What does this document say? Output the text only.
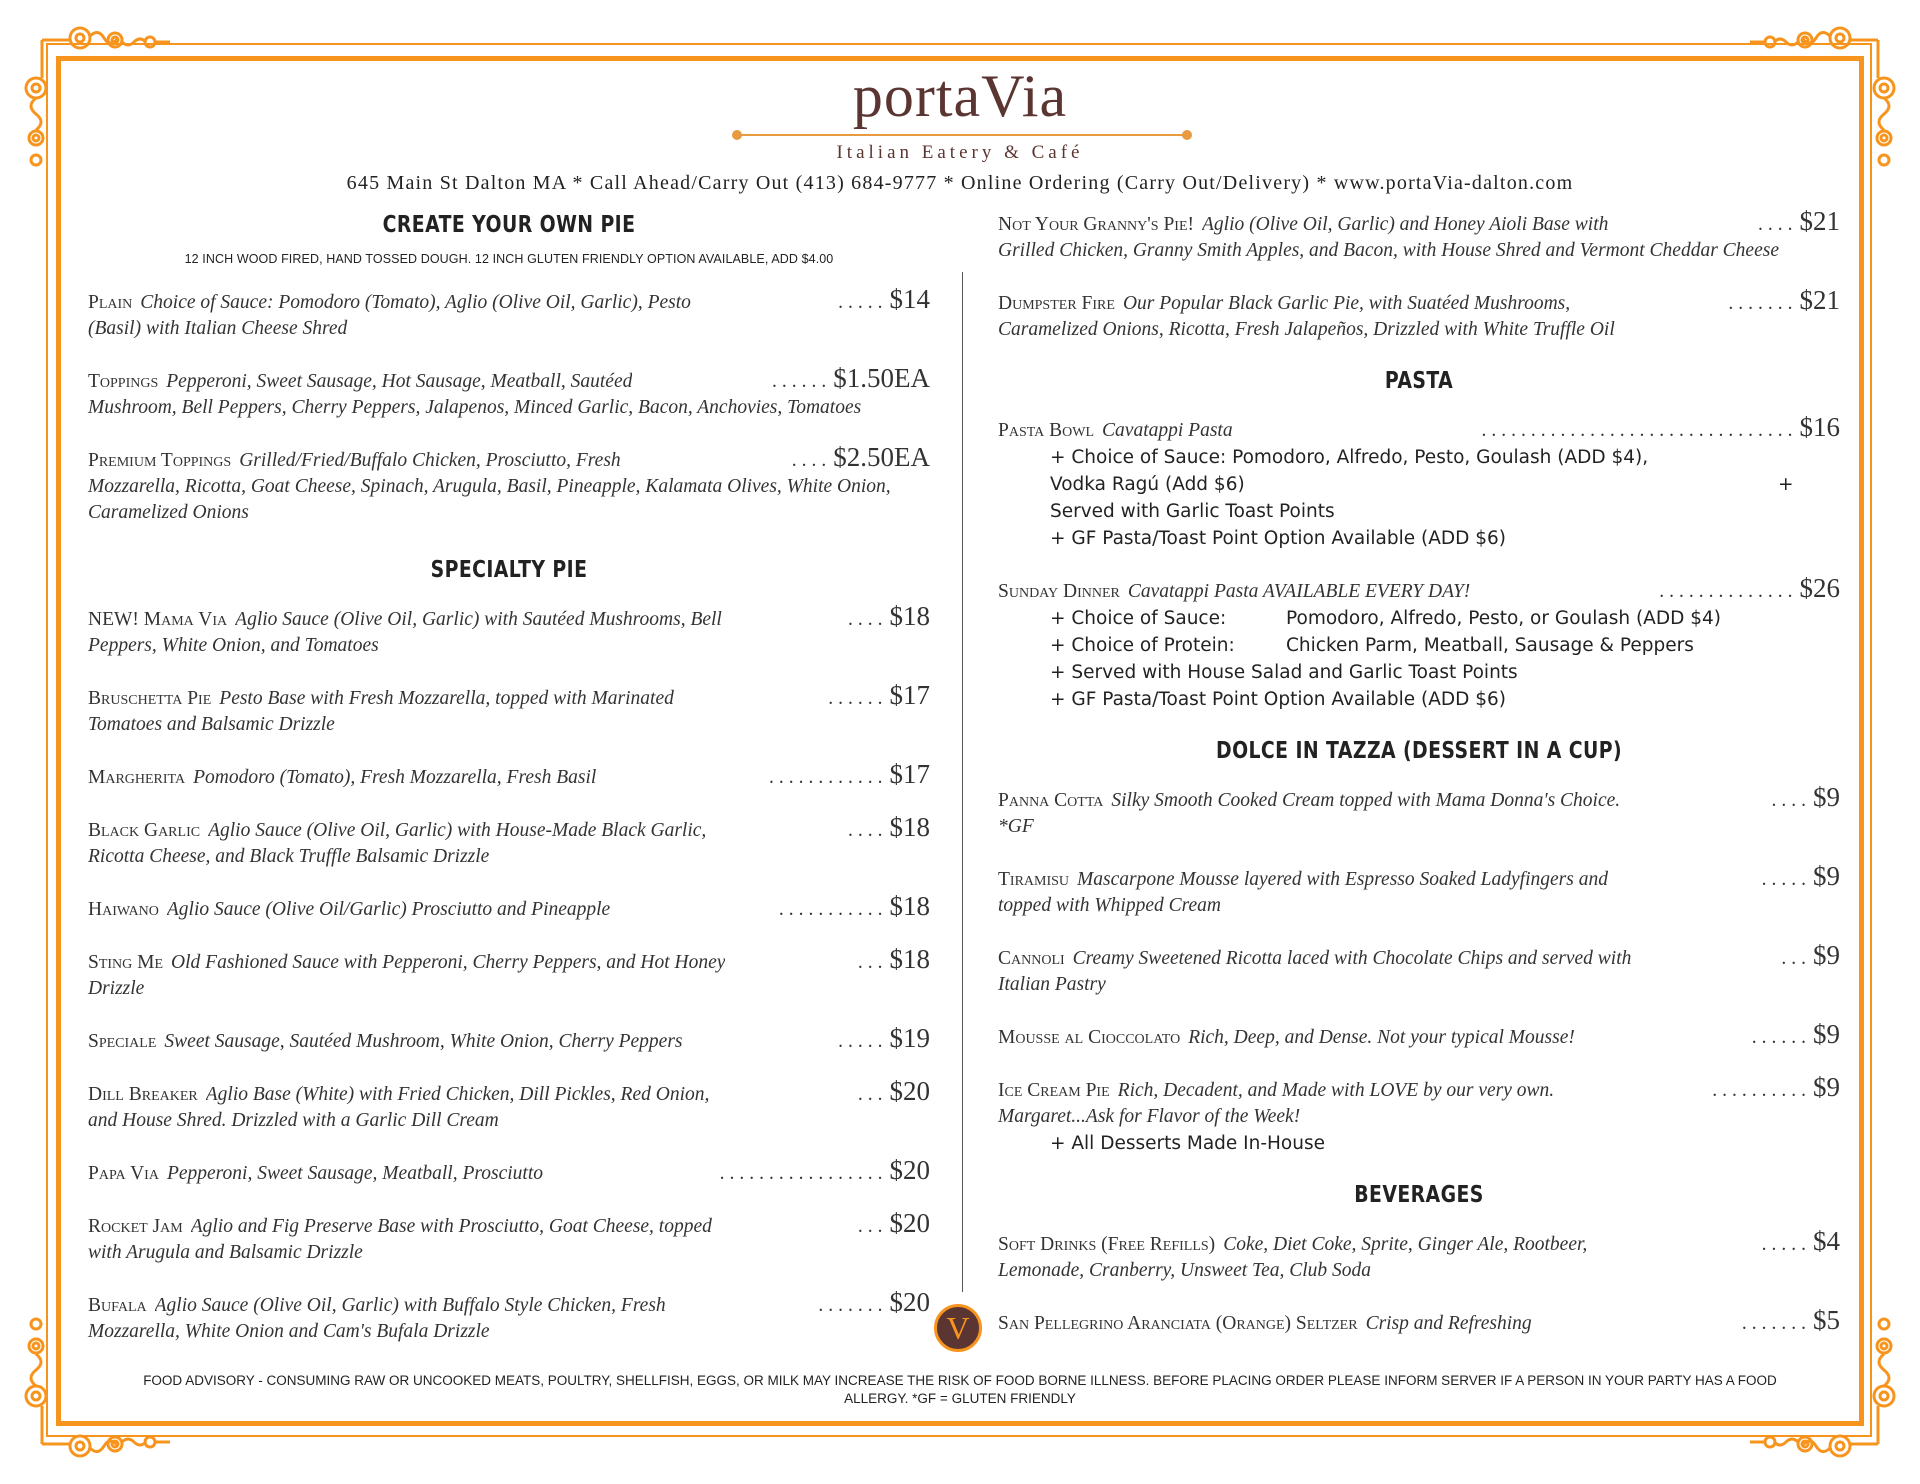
portaVia
Italian Eatery & Café
645 Main St Dalton MA * Call Ahead/Carry Out (413) 684-9777 * Online Ordering (Carry Out/Delivery) * www.portaVia-dalton.com
CREATE YOUR OWN PIE
12 INCH WOOD FIRED, HAND TOSSED DOUGH. 12 INCH GLUTEN FRIENDLY OPTION AVAILABLE, ADD $4.00
Plain Choice of Sauce: Pomodoro (Tomato), Aglio (Olive Oil, Garlic), Pesto	..... $14
(Basil) with Italian Cheese Shred
Toppings Pepperoni, Sweet Sausage, Hot Sausage, Meatball, Sautéed	...... $1.50EA
Mushroom, Bell Peppers, Cherry Peppers, Jalapenos, Minced Garlic, Bacon, Anchovies, Tomatoes
Premium Toppings Grilled/Fried/Buffalo Chicken, Prosciutto, Fresh	.... $2.50EA
Mozzarella, Ricotta, Goat Cheese, Spinach, Arugula, Basil, Pineapple, Kalamata Olives, White Onion, Caramelized Onions
SPECIALTY PIE
NEW! Mama Via Aglio Sauce (Olive Oil, Garlic) with Sautéed Mushrooms, Bell	.... $18
Peppers, White Onion, and Tomatoes
Bruschetta Pie Pesto Base with Fresh Mozzarella, topped with Marinated	...... $17
Tomatoes and Balsamic Drizzle
Margherita Pomodoro (Tomato), Fresh Mozzarella, Fresh Basil	............ $17
Black Garlic Aglio Sauce (Olive Oil, Garlic) with House-Made Black Garlic,	.... $18
Ricotta Cheese, and Black Truffle Balsamic Drizzle
Haiwano Aglio Sauce (Olive Oil/Garlic) Prosciutto and Pineapple	........... $18
Sting Me Old Fashioned Sauce with Pepperoni, Cherry Peppers, and Hot Honey	... $18
Drizzle
Speciale Sweet Sausage, Sautéed Mushroom, White Onion, Cherry Peppers	..... $19
Dill Breaker Aglio Base (White) with Fried Chicken, Dill Pickles, Red Onion,	... $20
and House Shred. Drizzled with a Garlic Dill Cream
Papa Via Pepperoni, Sweet Sausage, Meatball, Prosciutto	................. $20
Rocket Jam Aglio and Fig Preserve Base with Prosciutto, Goat Cheese, topped	... $20
with Arugula and Balsamic Drizzle
Bufala Aglio Sauce (Olive Oil, Garlic) with Buffalo Style Chicken, Fresh	....... $20
Mozzarella, White Onion and Cam's Bufala Drizzle
Not Your Granny's Pie! Aglio (Olive Oil, Garlic) and Honey Aioli Base with	.... $21
Grilled Chicken, Granny Smith Apples, and Bacon, with House Shred and Vermont Cheddar Cheese
Dumpster Fire Our Popular Black Garlic Pie, with Suatéed Mushrooms,	....... $21
Caramelized Onions, Ricotta, Fresh Jalapeños, Drizzled with White Truffle Oil
PASTA
Pasta Bowl Cavatappi Pasta	................................ $16
+ Choice of Sauce: Pomodoro, Alfredo, Pesto, Goulash (ADD $4),
Vodka Ragú (Add $6)	+
Served with Garlic Toast Points
+ GF Pasta/Toast Point Option Available (ADD $6)
Sunday Dinner Cavatappi Pasta AVAILABLE EVERY DAY!	.............. $26
+ Choice of Sauce:	Pomodoro, Alfredo, Pesto, or Goulash (ADD $4)
+ Choice of Protein:	Chicken Parm, Meatball, Sausage & Peppers
+ Served with House Salad and Garlic Toast Points
+ GF Pasta/Toast Point Option Available (ADD $6)
DOLCE IN TAZZA (DESSERT IN A CUP)
Panna Cotta Silky Smooth Cooked Cream topped with Mama Donna's Choice.	.... $9
*GF
Tiramisu Mascarpone Mousse layered with Espresso Soaked Ladyfingers and	..... $9
topped with Whipped Cream
Cannoli Creamy Sweetened Ricotta laced with Chocolate Chips and served with	... $9
Italian Pastry
Mousse al Cioccolato Rich, Deep, and Dense. Not your typical Mousse!	...... $9
Ice Cream Pie Rich, Decadent, and Made with LOVE by our very own.	.......... $9
Margaret...Ask for Flavor of the Week!
+ All Desserts Made In-House
BEVERAGES
Soft Drinks (Free Refills) Coke, Diet Coke, Sprite, Ginger Ale, Rootbeer,	..... $4
Lemonade, Cranberry, Unsweet Tea, Club Soda
San Pellegrino Aranciata (Orange) Seltzer Crisp and Refreshing	....... $5
V
FOOD ADVISORY - CONSUMING RAW OR UNCOOKED MEATS, POULTRY, SHELLFISH, EGGS, OR MILK MAY INCREASE THE RISK OF FOOD BORNE ILLNESS. BEFORE PLACING ORDER PLEASE INFORM SERVER IF A PERSON IN YOUR PARTY HAS A FOOD ALLERGY. *GF = GLUTEN FRIENDLY
